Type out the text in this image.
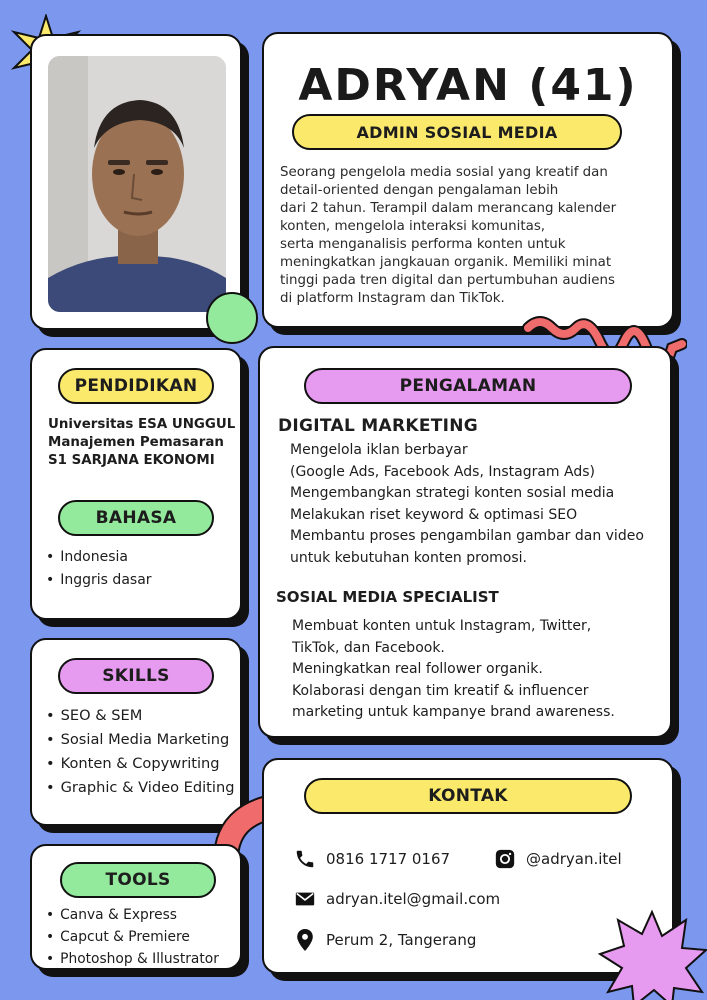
ADRYAN (41)
ADMIN SOSIAL MEDIA
Seorang pengelola media sosial yang kreatif dan
detail-oriented dengan pengalaman lebih
dari 2 tahun. Terampil dalam merancang kalender
konten, mengelola interaksi komunitas,
serta menganalisis performa konten untuk
meningkatkan jangkauan organik. Memiliki minat
tinggi pada tren digital dan pertumbuhan audiens
di platform Instagram dan TikTok.
PENDIDIKAN
Universitas ESA UNGGUL
Manajemen Pemasaran
S1 SARJANA EKONOMI
BAHASA
• Indonesia
• Inggris dasar
SKILLS
• SEO & SEM
• Sosial Media Marketing
• Konten & Copywriting
• Graphic & Video Editing
TOOLS
• Canva & Express
• Capcut & Premiere
• Photoshop & Illustrator
PENGALAMAN
DIGITAL MARKETING
Mengelola iklan berbayar
(Google Ads, Facebook Ads, Instagram Ads)
Mengembangkan strategi konten sosial media
Melakukan riset keyword & optimasi SEO
Membantu proses pengambilan gambar dan video
untuk kebutuhan konten promosi.
SOSIAL MEDIA SPECIALIST
Membuat konten untuk Instagram, Twitter,
TikTok, dan Facebook.
Meningkatkan real follower organik.
Kolaborasi dengan tim kreatif & influencer
marketing untuk kampanye brand awareness.
KONTAK
0816 1717 0167	@adryan.itel
adryan.itel@gmail.com
Perum 2, Tangerang
